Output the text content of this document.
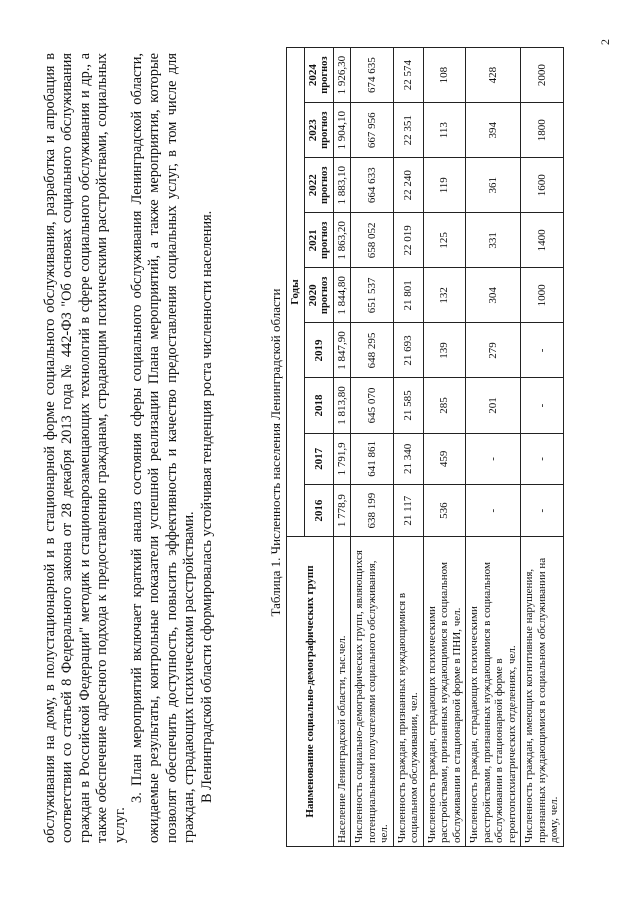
2

обслуживания на дому, в полустационарной и в стационарной форме социального обслуживания, разработка и апробация в соответствии со статьей 8 Федерального закона от 28 декабря 2013 года № 442-ФЗ "Об основах социального обслуживания граждан в Российской Федерации" методик и стационарозамещающих технологий в сфере социального обслуживания и др., а также обеспечение адресного подхода к предоставлению гражданам, страдающим психическими расстройствами, социальных услуг.

3. План мероприятий включает краткий анализ состояния сферы социального обслуживания Ленинградской области, ожидаемые результаты, контрольные показатели успешной реализации Плана мероприятий, а также мероприятия, которые позволят обеспечить доступность, повысить эффективность и качество предоставления социальных услуг, в том числе для граждан, страдающих психическими расстройствами. В Ленинградской области сформировалась устойчивая тенденция роста численности населения.	Таблица 1. Численность населения Ленинградской области
Наименование социально-демографических групп	Годы								
	2016	2017	2018	2019	2020 прогноз	2021 прогноз	2022 прогноз	2023 прогноз	2024 прогноз

Население Ленинградской области, тыс.чел.	1 778,9	1 791,9	1 813,80	1 847,90	1 844,80	1 863,20	1 883,10	1 904,10	1 926,30
Численность социально-демографических групп, являющихся потенциальными получателями социального обслуживания, чел.	638 199	641 861	645 070	648 295	651 537	658 052	664 633	667 956	674 635
Численность граждан, признанных нуждающимися в социальном обслуживании, чел.	21 117	21 340	21 585	21 693	21 801	22 019	22 240	22 351	22 574
Численность граждан, страдающих психическими расстройствами, признанных нуждающимися в социальном обслуживании в стационарной форме в ПНИ, чел.	536	459	285	139	132	125	119	113	108
Численность граждан, страдающих психическими расстройствами, признанных нуждающимися в социальном обслуживании в стационарной форме в геронтопсихиатрических отделениях, чел.	-	-	201	279	304	331	361	394	428
Численность граждан, имеющих когнитивные нарушения, признанных нуждающимися в социальном обслуживании на дому, чел.	-	-	-	-	1000	1400	1600	1800	2000
